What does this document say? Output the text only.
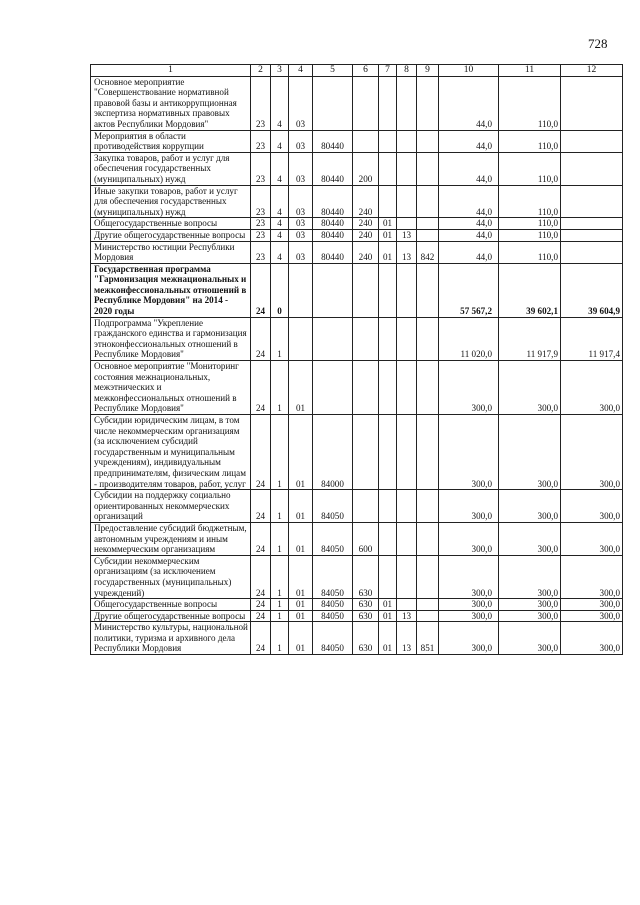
728
1	2	3	4	5	6	7	8	9	10	11	12
Основное мероприятие "Совершенствование нормативной правовой базы и антикоррупционная экспертиза нормативных правовых актов Республики Мордовия"	23	4	03						44,0	110,0	
Мероприятия в области противодействия коррупции	23	4	03	80440					44,0	110,0	
Закупка товаров, работ и услуг для обеспечения государственных (муниципальных) нужд	23	4	03	80440	200				44,0	110,0	
Иные закупки товаров, работ и услуг для обеспечения государственных (муниципальных) нужд	23	4	03	80440	240				44,0	110,0	
Общегосударственные вопросы	23	4	03	80440	240	01			44,0	110,0	
Другие общегосударственные вопросы	23	4	03	80440	240	01	13		44,0	110,0	
Министерство юстиции Республики Мордовия	23	4	03	80440	240	01	13	842	44,0	110,0	
Государственная программа "Гармонизация межнациональных и межконфессиональных отношений в Республике Мордовия" на 2014 - 2020 годы	24	0							57 567,2	39 602,1	39 604,9
Подпрограмма "Укрепление гражданского единства и гармонизация этноконфессиональных отношений в Республике Мордовия"	24	1							11 020,0	11 917,9	11 917,4
Основное мероприятие "Мониторинг состояния межнациональных, межэтнических и межконфессиональных отношений в Республике Мордовия"	24	1	01						300,0	300,0	300,0
Субсидии юридическим лицам, в том числе некоммерческим организациям (за исключением субсидий государственным и муниципальным учреждениям), индивидуальным предпринимателям, физическим лицам - производителям товаров, работ, услуг	24	1	01	84000					300,0	300,0	300,0
Субсидии на поддержку социально ориентированных некоммерческих организаций	24	1	01	84050					300,0	300,0	300,0
Предоставление субсидий бюджетным, автономным учреждениям и иным некоммерческим организациям	24	1	01	84050	600				300,0	300,0	300,0
Субсидии некоммерческим организациям (за исключением государственных (муниципальных) учреждений)	24	1	01	84050	630				300,0	300,0	300,0
Общегосударственные вопросы	24	1	01	84050	630	01			300,0	300,0	300,0
Другие общегосударственные вопросы	24	1	01	84050	630	01	13		300,0	300,0	300,0
Министерство культуры, национальной политики, туризма и архивного дела Республики Мордовия	24	1	01	84050	630	01	13	851	300,0	300,0	300,0
